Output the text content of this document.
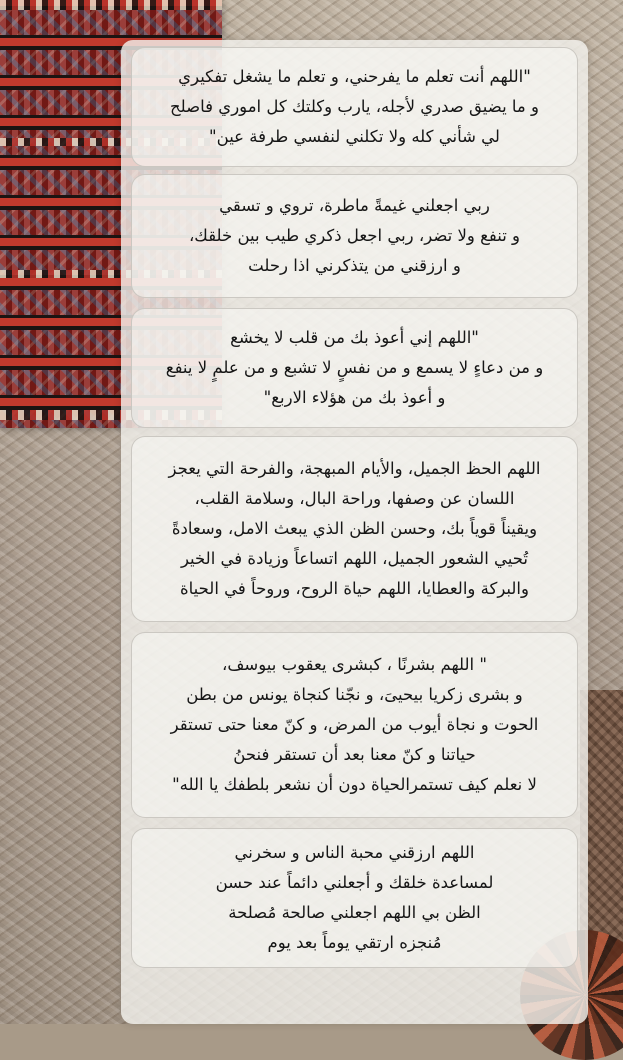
"اللهم أنت تعلم ما يفرحني، و تعلم ما يشغل تفكيري
و ما يضيق صدري لأجله، يارب وكلتك كل اموري فاصلح
لي شأني كله ولا تكلني لنفسي طرفة عين"
ربي اجعلني غيمةً ماطرة، تروي و تسقي
و تنفع ولا تضر، ربي اجعل ذكري طيب بين خلقك،
و ارزقني من يتذكرني اذا رحلت
"اللهم إني أعوذ بك من قلب لا يخشع
و من دعاءٍ لا يسمع و من نفسٍ لا تشبع و من علمٍ لا ينفع
و أعوذ بك من هؤلاء الاربع"
اللهم الحظ الجميل، والأيام المبهجة، والفرحة التي يعجز
اللسان عن وصفها، وراحة البال، وسلامة القلب،
ويقيناً قوياً بك، وحسن الظن الذي يبعث الامل، وسعادةً
تُحيي الشعور الجميل، اللهم اتساعاً وزيادة في الخير
والبركة والعطايا، اللهم حياة الروح، وروحاً في الحياة
" اللهم بشرنًا ، كبشرى يعقوب بيوسف،
و بشرى زكريا بيحيىَ، و نجّنا كنجاة يونس من بطن
الحوت و نجاة أيوب من المرض، و كنّ معنا حتى تستقر
حياتنا و كنّ معنا بعد أن تستقر فنحنُ
لا نعلم كيف تستمرالحياة دون أن نشعر بلطفك يا الله"
اللهم ارزقني محبة الناس و سخرني
لمساعدة خلقك و أجعلني دائماً عند حسن
الظن بي اللهم اجعلني صالحة مُصلحة
مُنجزه ارتقي يوماً بعد يوم
